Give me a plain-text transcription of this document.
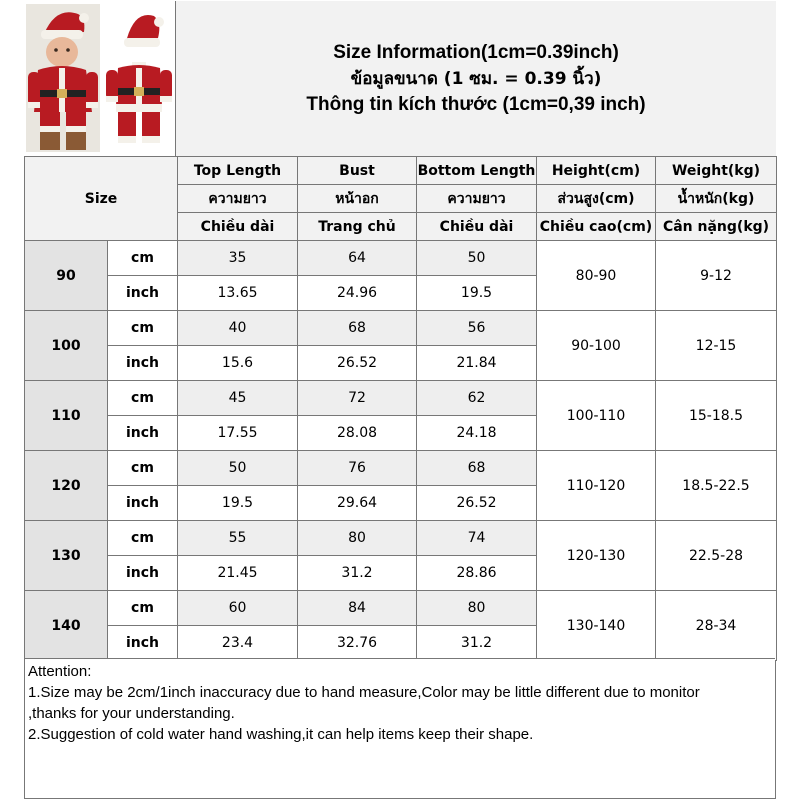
Size Information(1cm=0.39inch)
ข้อมูลขนาด (1 ซม. = 0.39 นิ้ว)
Thông tin kích thước (1cm=0,39 inch)
Size		Top Length	Bust	Bottom Length	Height(cm)	Weight(kg)
		ความยาว	หน้าอก	ความยาว	ส่วนสูง(cm)	น้ำหนัก(kg)
		Chiều dài	Trang chủ	Chiều dài	Chiều cao(cm)	Cân nặng(kg)
90	cm	35	64	50	80-90	9-12
	inch	13.65	24.96	19.5		
100	cm	40	68	56	90-100	12-15
	inch	15.6	26.52	21.84		
110	cm	45	72	62	100-110	15-18.5
	inch	17.55	28.08	24.18		
120	cm	50	76	68	110-120	18.5-22.5
	inch	19.5	29.64	26.52		
130	cm	55	80	74	120-130	22.5-28
	inch	21.45	31.2	28.86		
140	cm	60	84	80	130-140	28-34
	inch	23.4	32.76	31.2		

Attention:

1.Size may be 2cm/1inch inaccuracy due to hand measure,Color may be little different due to monitor

,thanks for your understanding.

2.Suggestion of cold water hand washing,it can help items keep their shape.
